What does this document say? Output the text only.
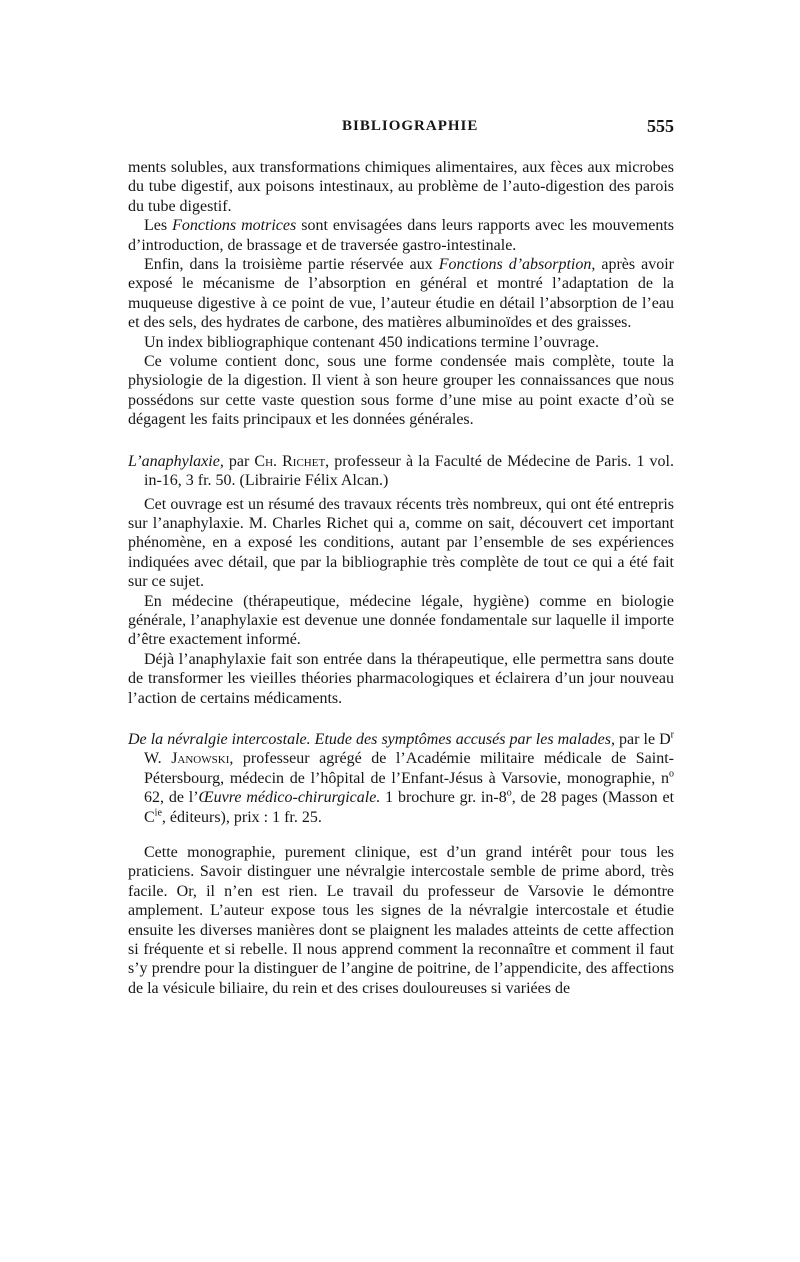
BIBLIOGRAPHIE	555

ments solubles, aux transformations chimiques alimentaires, aux fèces aux microbes du tube digestif, aux poisons intestinaux, au problème de l’auto-digestion des parois du tube digestif.

Les Fonctions motrices sont envisagées dans leurs rapports avec les mouvements d’introduction, de brassage et de traversée gastro-intestinale.

Enfin, dans la troisième partie réservée aux Fonctions d’absorption, après avoir exposé le mécanisme de l’absorption en général et montré l’adaptation de la muqueuse digestive à ce point de vue, l’auteur étudie en détail l’absorption de l’eau et des sels, des hydrates de carbone, des matières albuminoïdes et des graisses.

Un index bibliographique contenant 450 indications termine l’ouvrage.

Ce volume contient donc, sous une forme condensée mais complète, toute la physiologie de la digestion. Il vient à son heure grouper les connaissances que nous possédons sur cette vaste question sous forme d’une mise au point exacte d’où se dégagent les faits principaux et les données générales.

L’anaphylaxie, par Ch. Richet, professeur à la Faculté de Médecine de Paris. 1 vol. in-16, 3 fr. 50. (Librairie Félix Alcan.)

Cet ouvrage est un résumé des travaux récents très nombreux, qui ont été entrepris sur l’anaphylaxie. M. Charles Richet qui a, comme on sait, découvert cet important phénomène, en a exposé les conditions, autant par l’ensemble de ses expériences indiquées avec détail, que par la bibliographie très complète de tout ce qui a été fait sur ce sujet.

En médecine (thérapeutique, médecine légale, hygiène) comme en biologie générale, l’anaphylaxie est devenue une donnée fondamentale sur laquelle il importe d’être exactement informé.

Déjà l’anaphylaxie fait son entrée dans la thérapeutique, elle permettra sans doute de transformer les vieilles théories pharmacologiques et éclairera d’un jour nouveau l’action de certains médicaments.

De la névralgie intercostale. Etude des symptômes accusés par les malades, par le $D^r$ W. Janowski, professeur agrégé de l’Académie militaire médicale de Saint-Pétersbourg, médecin de l’hôpital de l’Enfant-Jésus à Varsovie, monographie, $n^o$ 62, de l’Œuvre médico-chirurgicale. 1 brochure gr. in-8$^o$, de 28 pages (Masson et $C^{ie}$, éditeurs), prix : 1 fr. 25.

Cette monographie, purement clinique, est d’un grand intérêt pour tous les praticiens. Savoir distinguer une névralgie intercostale semble de prime abord, très facile. Or, il n’en est rien. Le travail du professeur de Varsovie le démontre amplement. L’auteur expose tous les signes de la névralgie intercostale et étudie ensuite les diverses manières dont se plaignent les malades atteints de cette affection si fréquente et si rebelle. Il nous apprend comment la reconnaître et comment il faut s’y prendre pour la distinguer de l’angine de poitrine, de l’appendicite, des affections de la vésicule biliaire, du rein et des crises douloureuses si variées de
